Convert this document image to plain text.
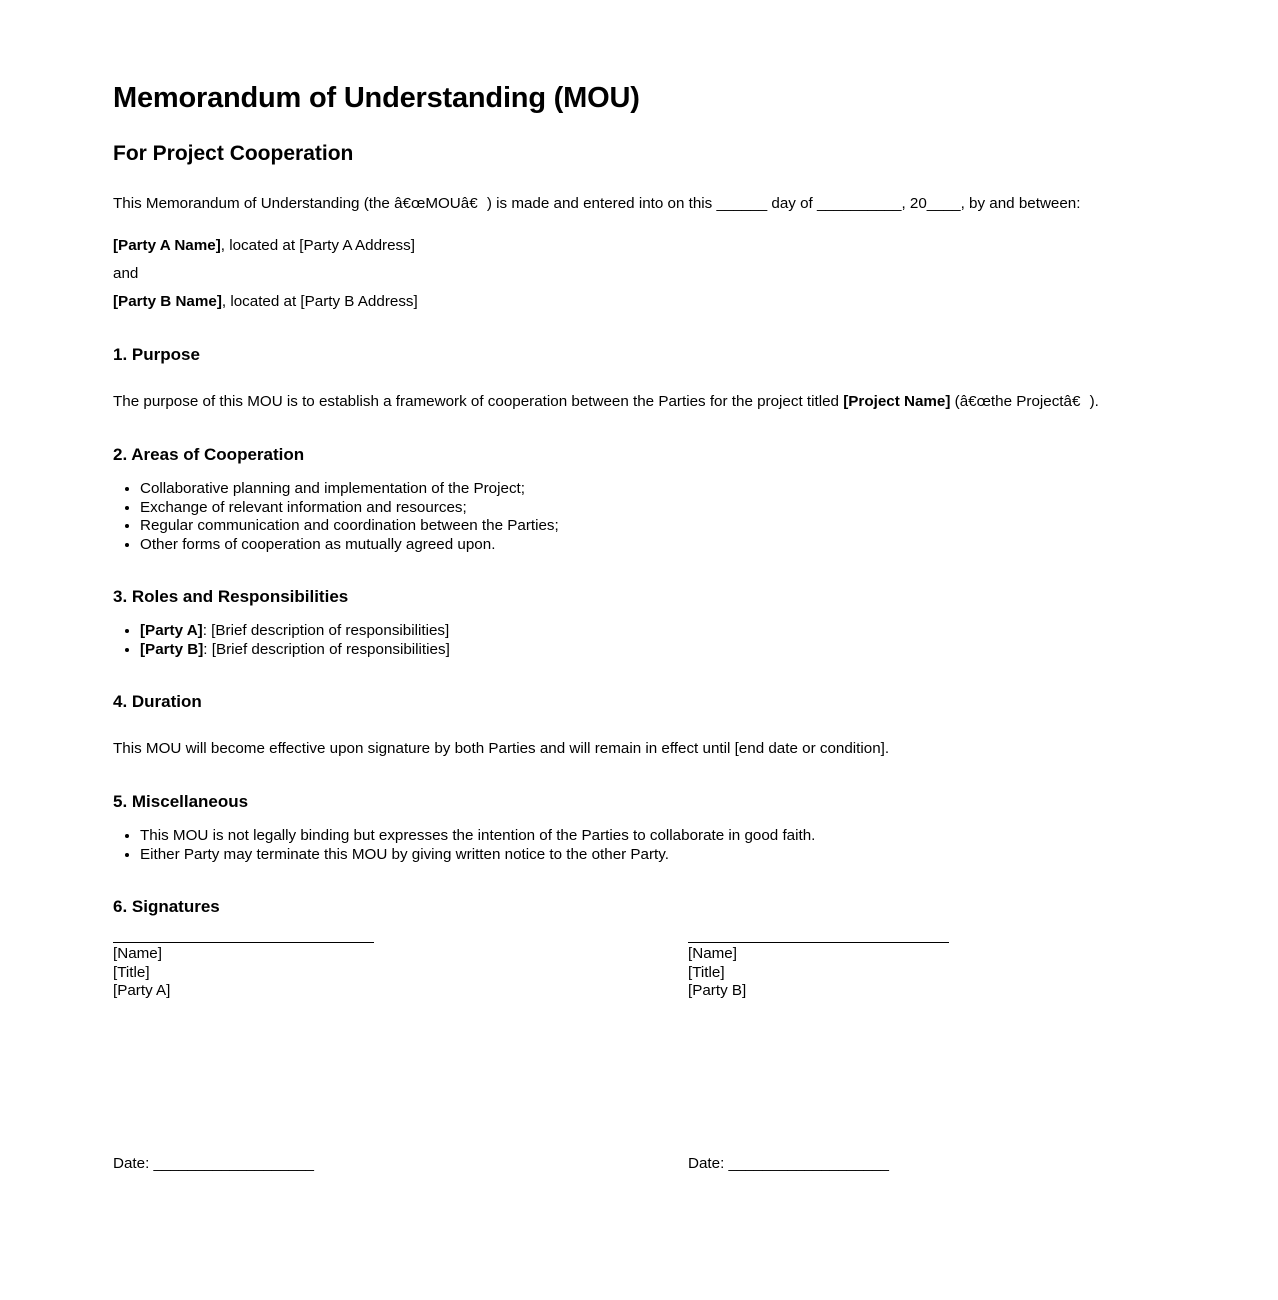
Memorandum of Understanding (MOU)
For Project Cooperation

This Memorandum of Understanding (the â€œMOUâ€) is made and entered into on this ______ day of __________, 20____, by and between:

[Party A Name], located at [Party A Address]

and

[Party B Name], located at [Party B Address]

1. Purpose

The purpose of this MOU is to establish a framework of cooperation between the Parties for the project titled [Project Name] (â€œthe Projectâ€).

2. Areas of Cooperation
• Collaborative planning and implementation of the Project;
• Exchange of relevant information and resources;
• Regular communication and coordination between the Parties;
• Other forms of cooperation as mutually agreed upon.
3. Roles and Responsibilities
• [Party A]: [Brief description of responsibilities]
• [Party B]: [Brief description of responsibilities]
4. Duration

This MOU will become effective upon signature by both Parties and will remain in effect until [end date or condition].

5. Miscellaneous
• This MOU is not legally binding but expresses the intention of the Parties to collaborate in good faith.
• Either Party may terminate this MOU by giving written notice to the other Party.
6. Signatures
[Name]
[Title]
[Party A]
[Name]
[Title]
[Party B]
Date: ___________________	Date: ___________________
